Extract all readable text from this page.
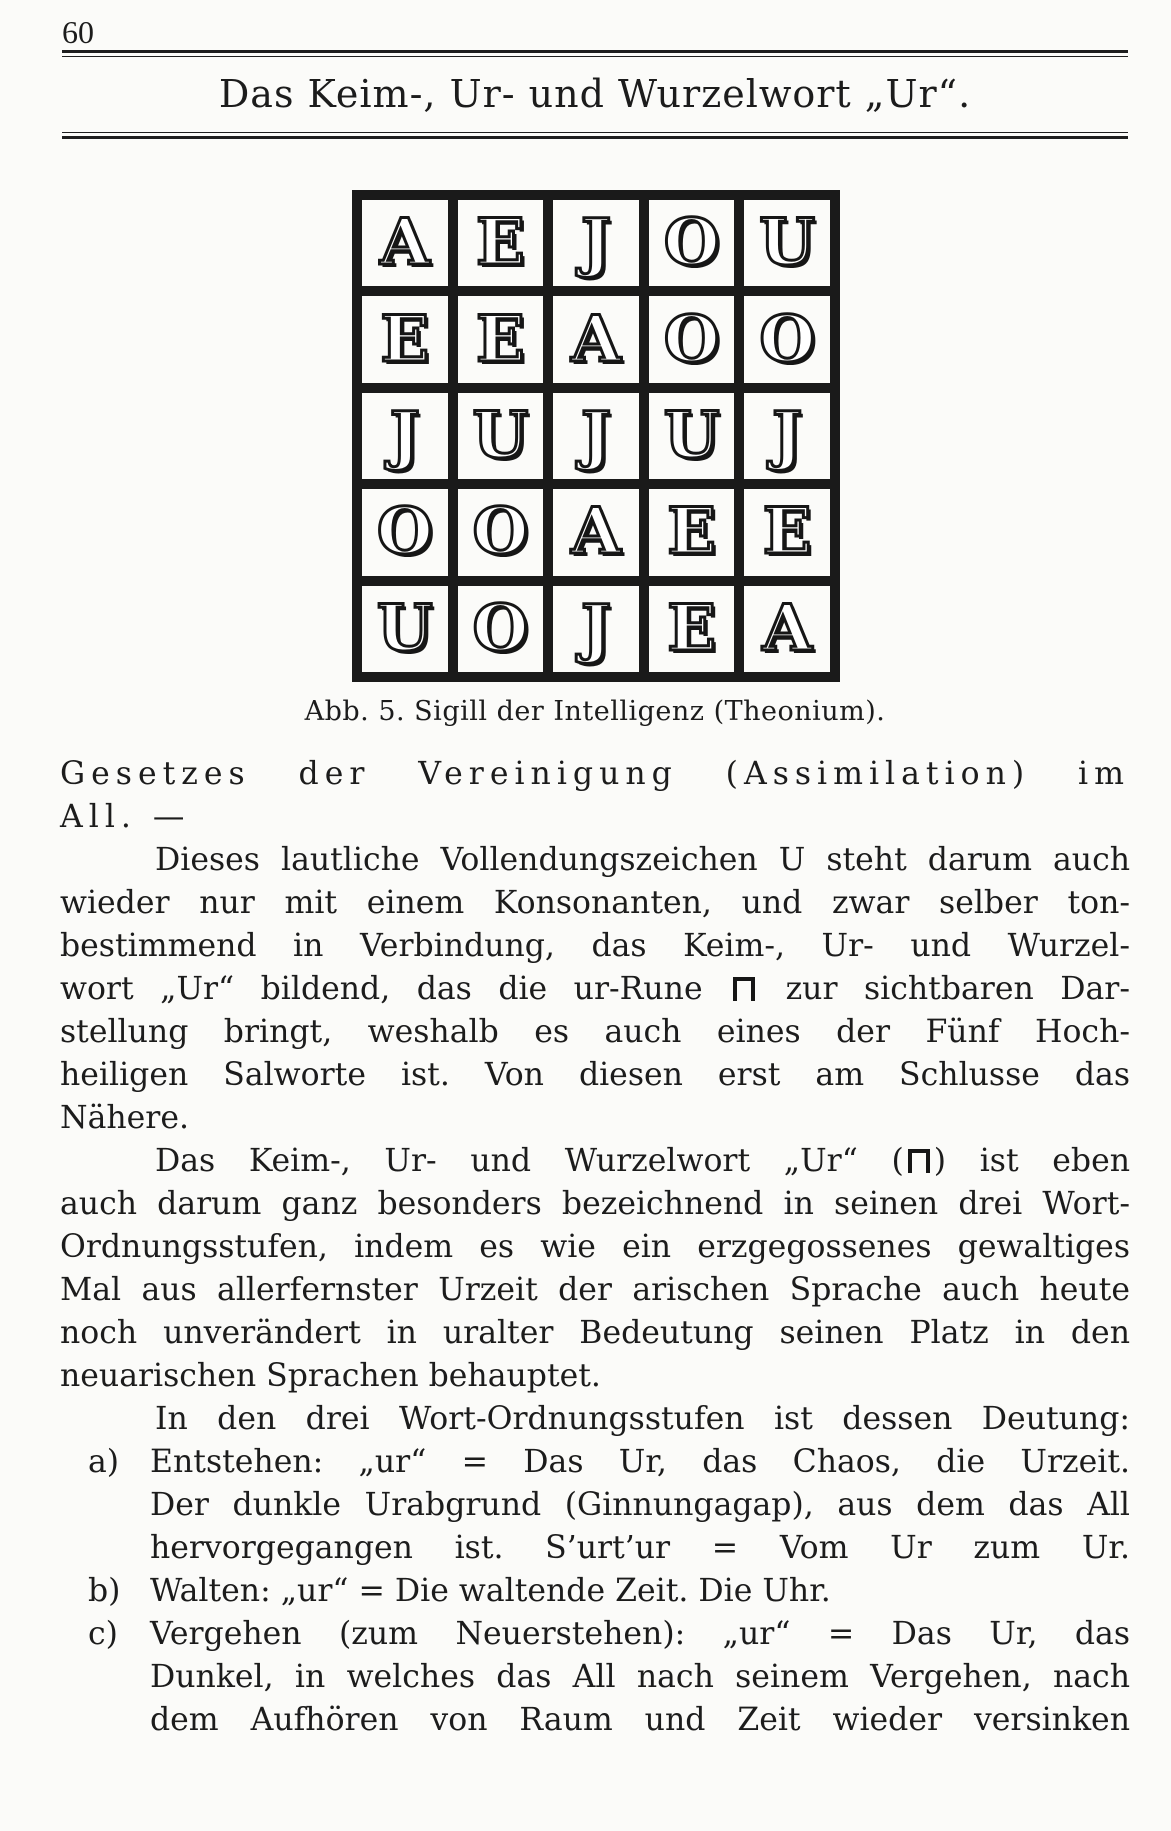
60
Das Keim-, Ur- und Wurzelwort „Ur“.
A E J O U
E E A O O
J U J U J
O O A E E
U O J E A
Abb. 5. Sigill der Intelligenz (Theonium).
Gesetzes der Vereinigung (Assimilation) im
All. —
Dieses lautliche Vollendungszeichen U steht darum auch
wieder nur mit einem Konsonanten, und zwar selber ton-
bestimmend in Verbindung, das Keim-, Ur- und Wurzel-
wort „Ur“ bildend, das die ur-Rune  zur sichtbaren Dar-
stellung bringt, weshalb es auch eines der Fünf Hoch-
heiligen Salworte ist. Von diesen erst am Schlusse das
Nähere.
Das Keim-, Ur- und Wurzelwort „Ur“ ( ) ist eben
auch darum ganz besonders bezeichnend in seinen drei Wort-
Ordnungsstufen, indem es wie ein erzgegossenes gewaltiges
Mal aus allerfernster Urzeit der arischen Sprache auch heute
noch unverändert in uralter Bedeutung seinen Platz in den
neuarischen Sprachen behauptet.
In den drei Wort-Ordnungsstufen ist dessen Deutung:
a) Entstehen: „ur“ = Das Ur, das Chaos, die Urzeit.
Der dunkle Urabgrund (Ginnungagap), aus dem das All
hervorgegangen ist. S’urt’ur = Vom Ur zum Ur.
b) Walten: „ur“ = Die waltende Zeit. Die Uhr.
c) Vergehen (zum Neuerstehen): „ur“ = Das Ur, das
Dunkel, in welches das All nach seinem Vergehen, nach
dem Aufhören von Raum und Zeit wieder versinken
